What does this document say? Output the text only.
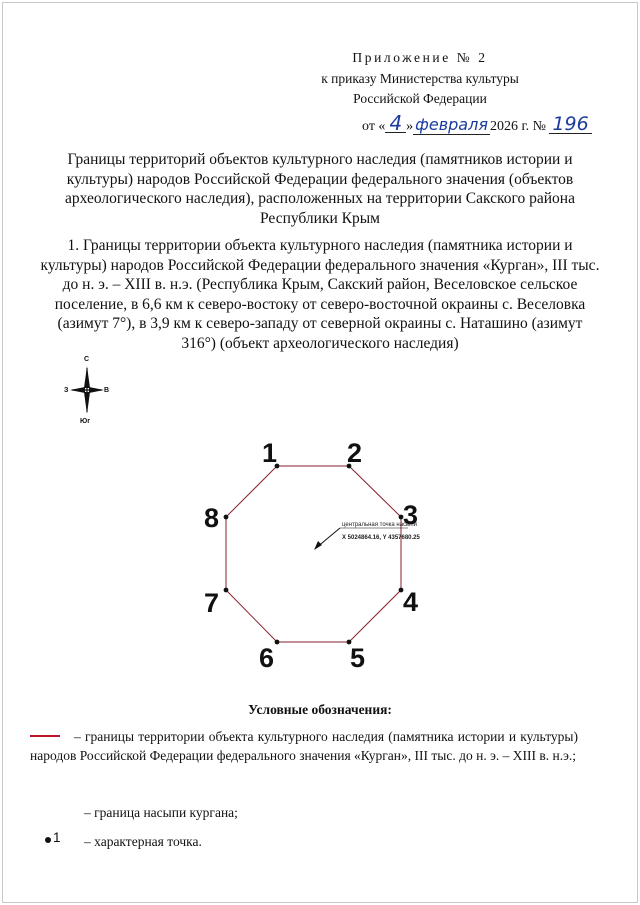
Приложение № 2
к приказу Министерства культуры
Российской Федерации
от « 4 » февраля 2026 г. № 196
Границы территорий объектов культурного наследия (памятников истории и культуры) народов Российской Федерации федерального значения (объектов археологического наследия), расположенных на территории Сакского района Республики Крым
1. Границы территории объекта культурного наследия (памятника истории и культуры) народов Российской Федерации федерального значения «Курган», III тыс. до н. э. – XIII в. н.э. (Республика Крым, Сакский район, Веселовское сельское поселение, в 6,6 км к северо-востоку от северо-восточной окраины с. Веселовка (азимут 7°), в 3,9 км к северо-западу от северной окраины с. Наташино (азимут 316°) (объект археологического наследия)
С
Юг
З	В
центральная точка насыпи
X 5024864.16, Y 4357680.25
1	2
3
4
5
6
7
8
Условные обозначения:
– границы территории объекта культурного наследия (памятника истории и культуры) народов Российской Федерации федерального значения «Курган», III тыс. до н. э. – XIII в. н.э.;
– граница насыпи кургана;
1 – характерная точка.
